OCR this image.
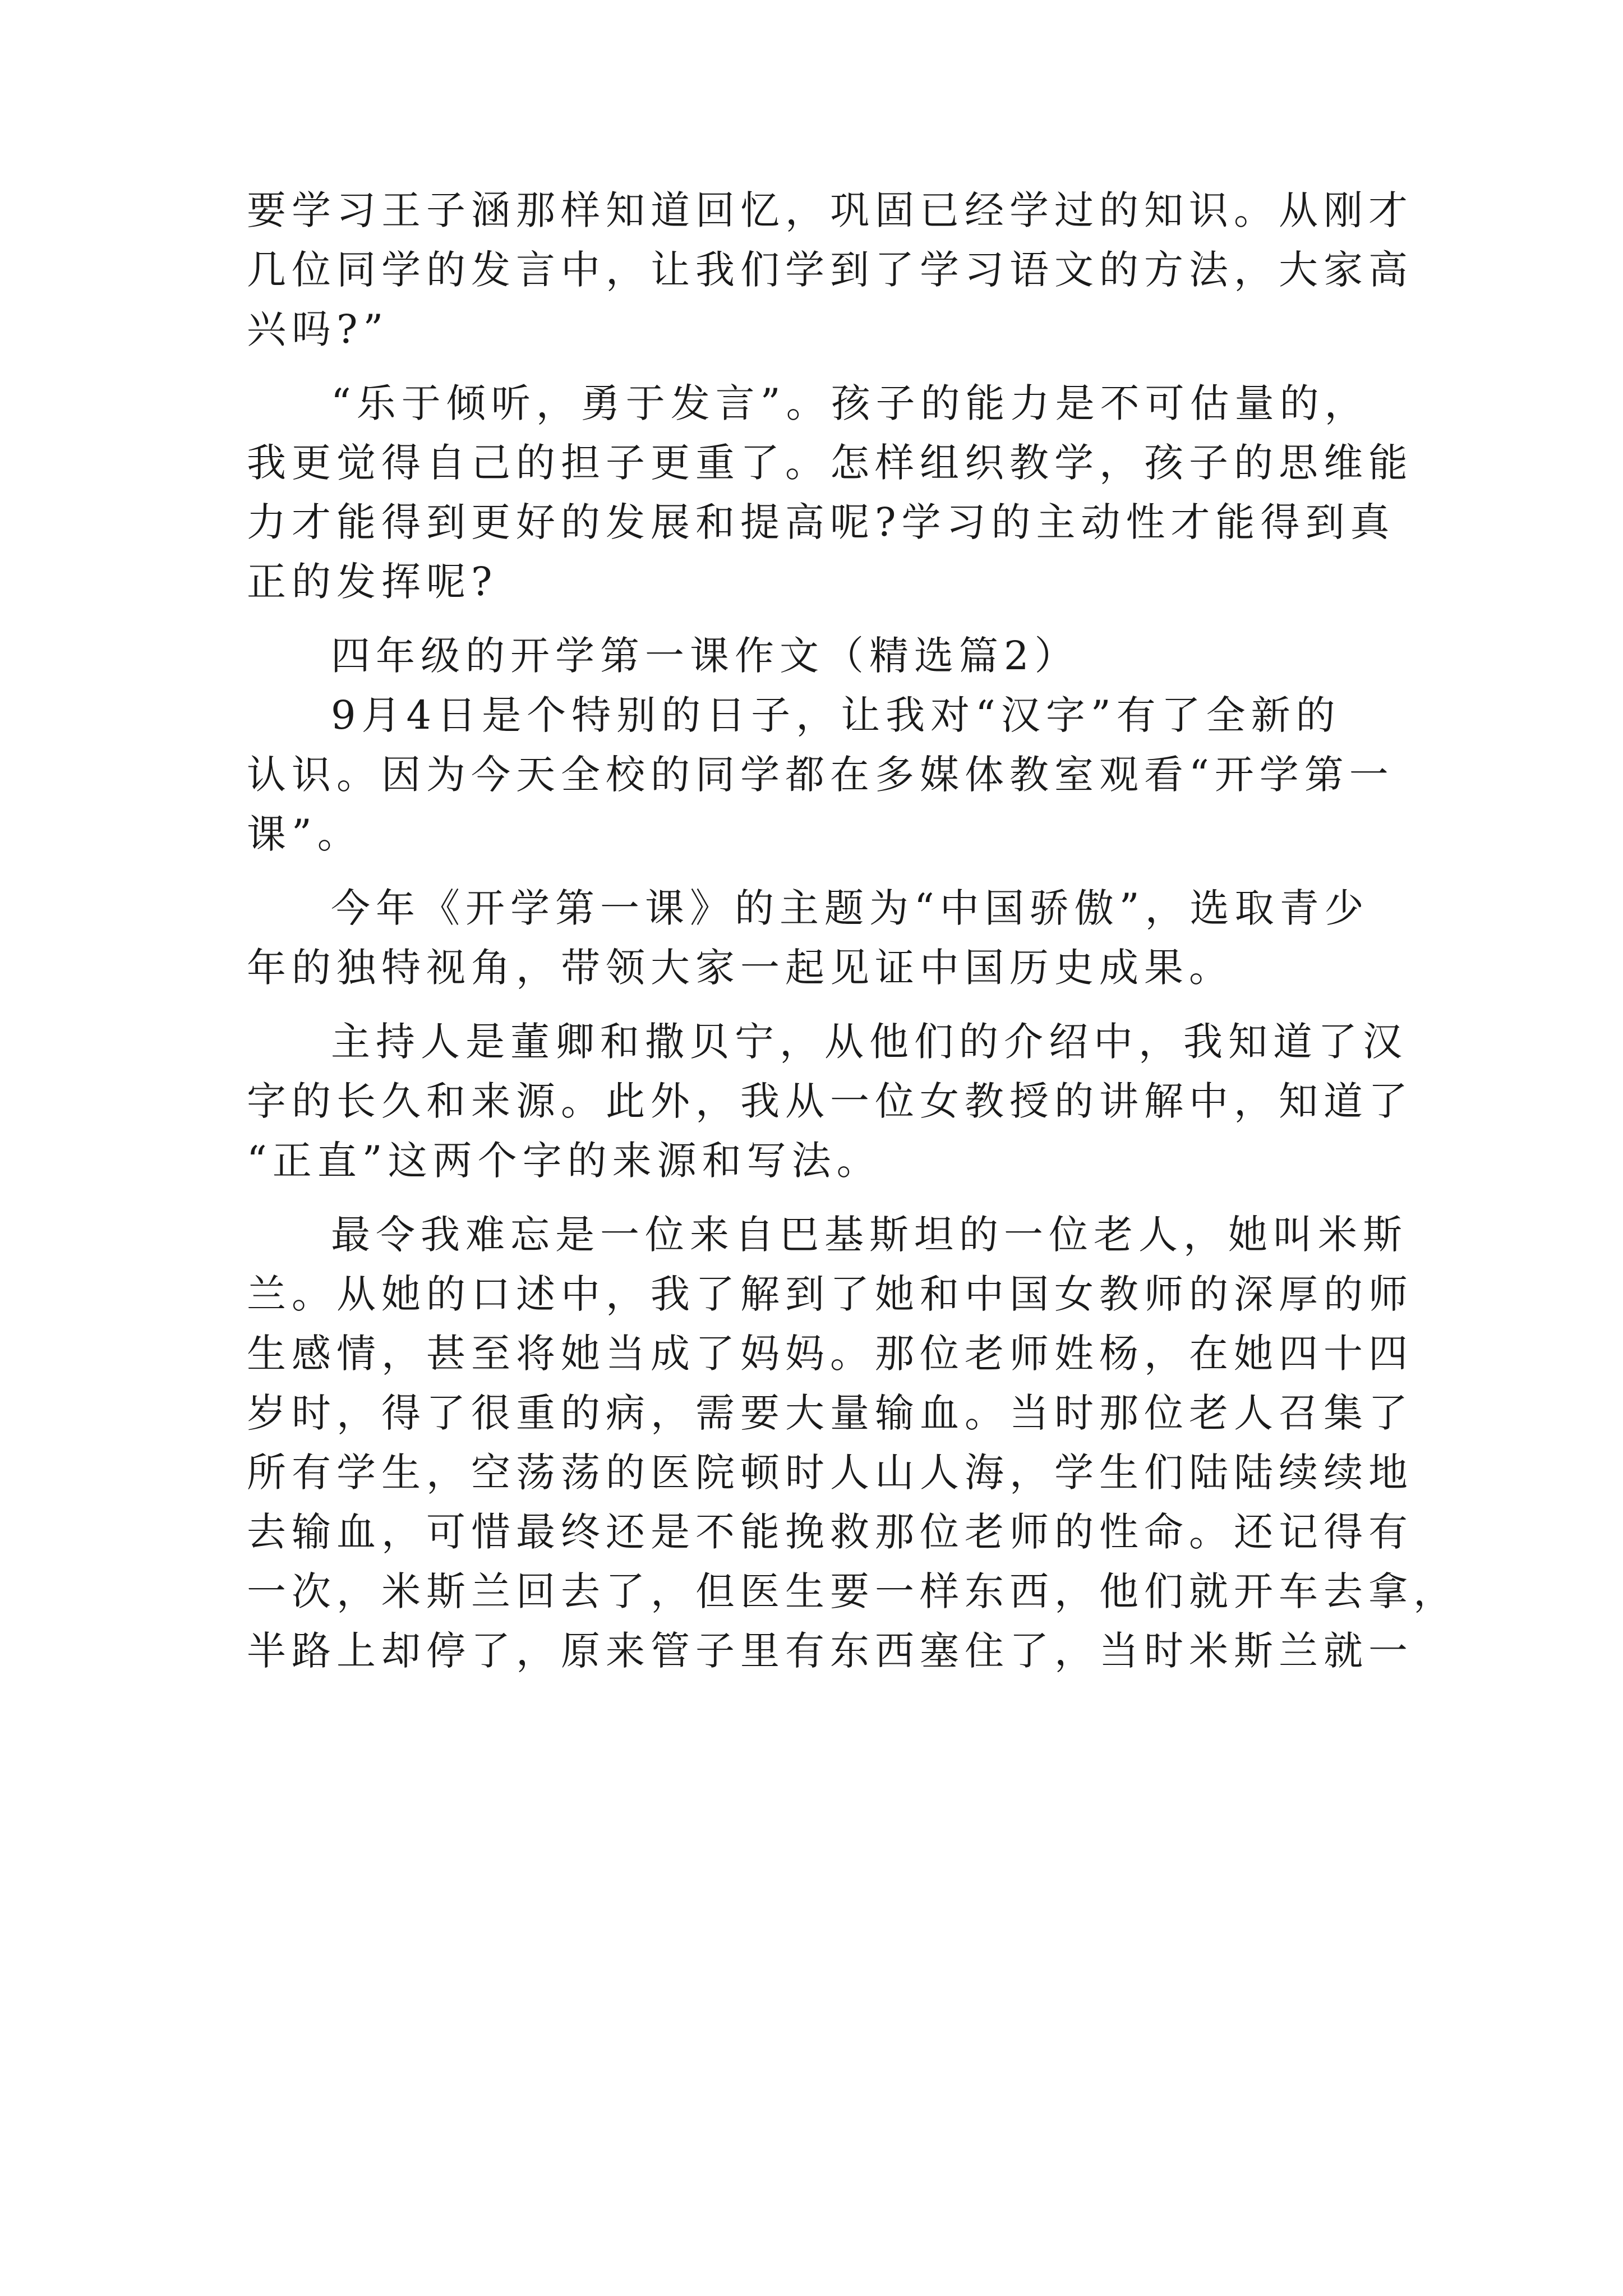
要学习王子涵那样知道回忆，巩固已经学过的知识。从刚才
几位同学的发言中，让我们学到了学习语文的方法，大家高
兴吗?”
“乐于倾听，勇于发言”。孩子的能力是不可估量的，
我更觉得自己的担子更重了。怎样组织教学，孩子的思维能
力才能得到更好的发展和提高呢?学习的主动性才能得到真
正的发挥呢?
四年级的开学第一课作文（精选篇2）
9月4日是个特别的日子，让我对“汉字”有了全新的
认识。因为今天全校的同学都在多媒体教室观看“开学第一
课”。
今年《开学第一课》的主题为“中国骄傲”，选取青少
年的独特视角，带领大家一起见证中国历史成果。
主持人是董卿和撒贝宁，从他们的介绍中，我知道了汉
字的长久和来源。此外，我从一位女教授的讲解中，知道了
“正直”这两个字的来源和写法。
最令我难忘是一位来自巴基斯坦的一位老人，她叫米斯
兰。从她的口述中，我了解到了她和中国女教师的深厚的师
生感情，甚至将她当成了妈妈。那位老师姓杨，在她四十四
岁时，得了很重的病，需要大量输血。当时那位老人召集了
所有学生，空荡荡的医院顿时人山人海，学生们陆陆续续地
去输血，可惜最终还是不能挽救那位老师的性命。还记得有
一次，米斯兰回去了，但医生要一样东西，他们就开车去拿，
半路上却停了，原来管子里有东西塞住了，当时米斯兰就一
